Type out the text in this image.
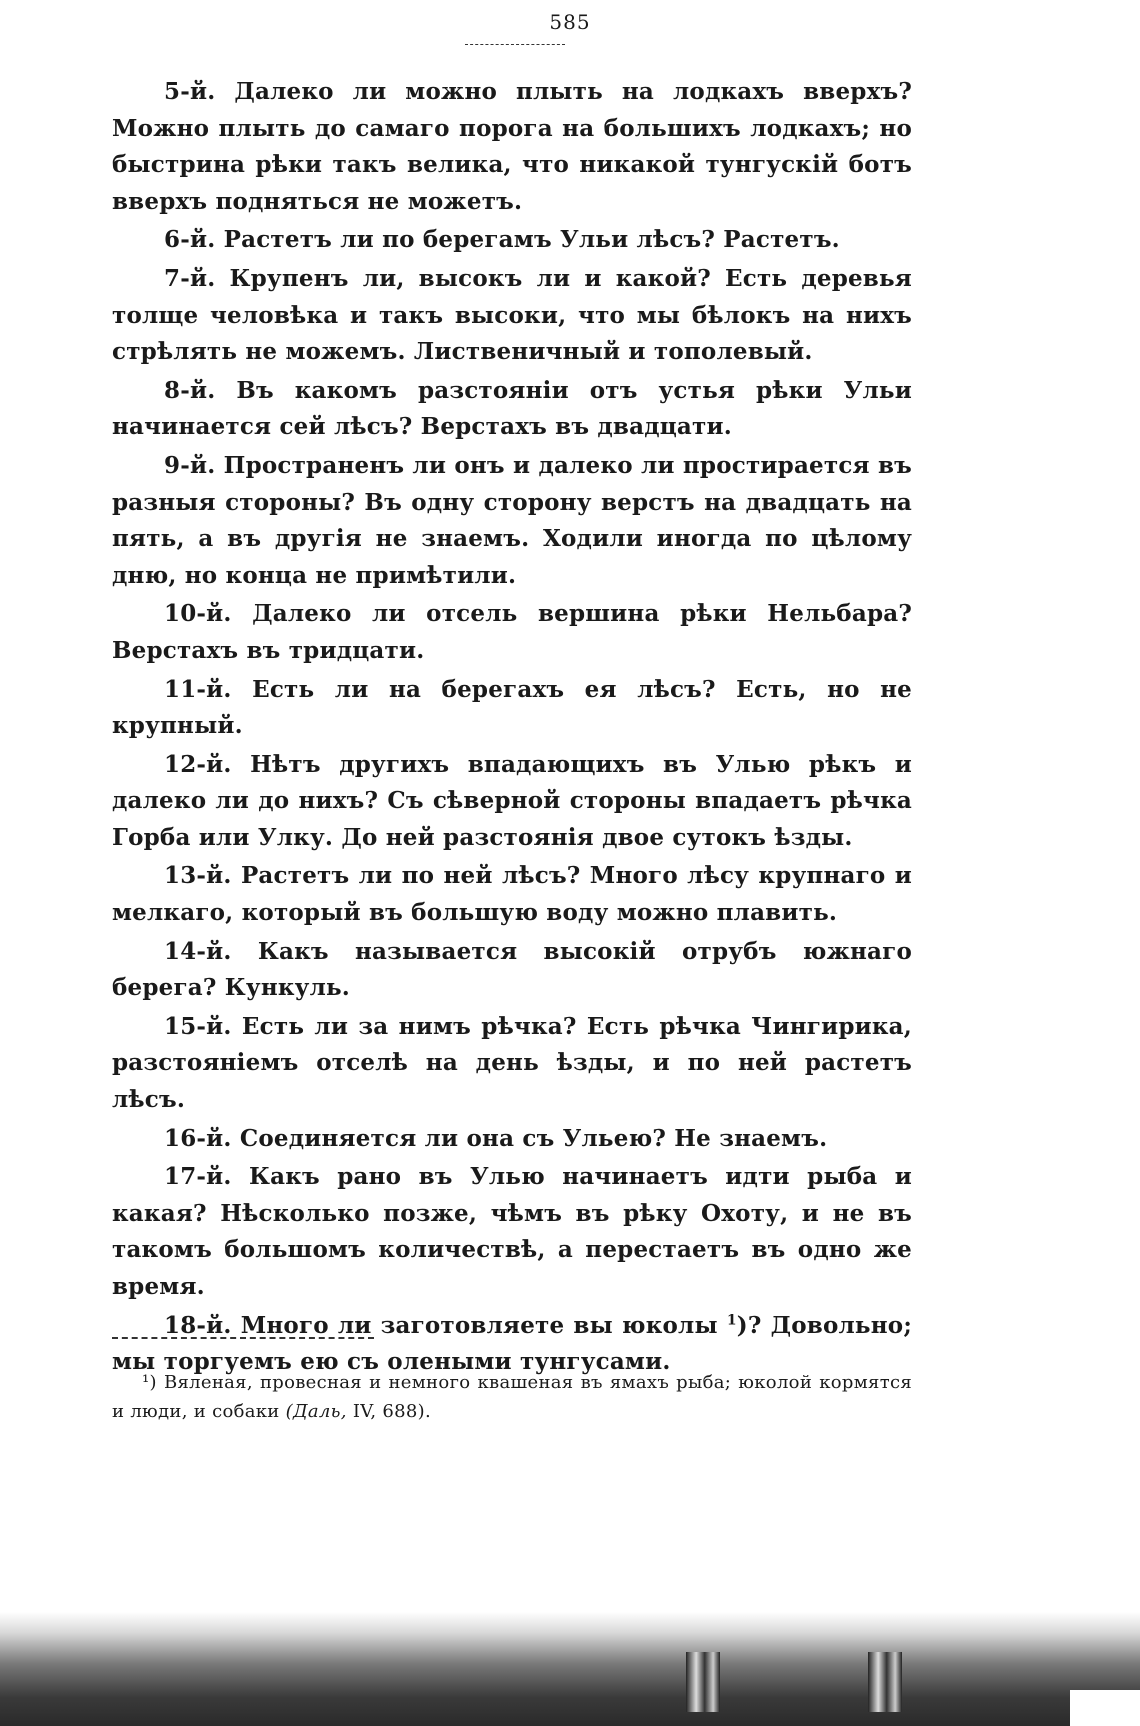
585

5-й. Далеко ли можно плыть на лодкахъ вверхъ? Можно плыть до самаго порога на большихъ лодкахъ; но быстрина рѣки такъ велика, что никакой тунгускій ботъ вверхъ подняться не можетъ.

6-й. Растетъ ли по берегамъ Ульи лѣсъ? Растетъ.

7-й. Крупенъ ли, высокъ ли и какой? Есть деревья толще человѣка и такъ высоки, что мы бѣлокъ на нихъ стрѣлять не можемъ. Лиственичный и тополевый.

8-й. Въ какомъ разстояніи отъ устья рѣки Ульи начинается сей лѣсъ? Верстахъ въ двадцати.

9-й. Пространенъ ли онъ и далеко ли простирается въ разныя стороны? Въ одну сторону верстъ на двадцать на пять, а въ другія не знаемъ. Ходили иногда по цѣлому дню, но конца не примѣтили.

10-й. Далеко ли отсель вершина рѣки Нельбара? Верстахъ въ тридцати.

11-й. Есть ли на берегахъ ея лѣсъ? Есть, но не крупный.

12-й. Нѣтъ другихъ впадающихъ въ Улью рѣкъ и далеко ли до нихъ? Съ сѣверной стороны впадаетъ рѣчка Горба или Улку. До ней разстоянія двое сутокъ ѣзды.

13-й. Растетъ ли по ней лѣсъ? Много лѣсу крупнаго и мелкаго, который въ большую воду можно плавить.

14-й. Какъ называется высокій отрубъ южнаго берега? Кункуль.

15-й. Есть ли за нимъ рѣчка? Есть рѣчка Чингирика, разстояніемъ отселѣ на день ѣзды, и по ней растетъ лѣсъ.

16-й. Соединяется ли она съ Ульею? Не знаемъ.

17-й. Какъ рано въ Улью начинаетъ идти рыба и какая? Нѣсколько позже, чѣмъ въ рѣку Охоту, и не въ такомъ большомъ количествѣ, а перестаетъ въ одно же время.

18-й. Много ли заготовляете вы юколы $^1$)? Довольно; мы торгуемъ ею съ олеными тунгусами.

¹) Вяленая, провесная и немного квашеная въ ямахъ рыба; юколой кормятся и люди, и собаки (Даль, IV, 688).
